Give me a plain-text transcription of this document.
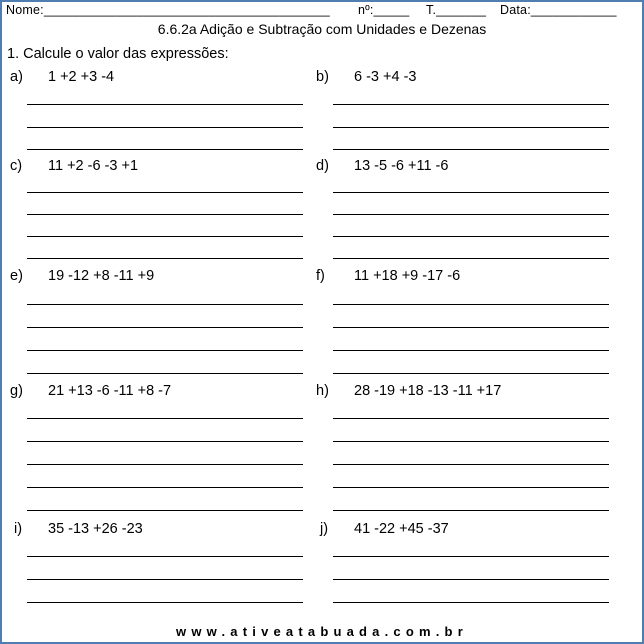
Nome:________________________________________ nº:_____ T._______ Data:____________
6.6.2a Adição e Subtração com Unidades e Dezenas
1. Calcule o valor das expressões:
a) 1 +2 +3 -4	b) 6 -3 +4 -3
c) 11 +2 -6 -3 +1	d) 13 -5 -6 +11 -6
e) 19 -12 +8 -11 +9	f) 11 +18 +9 -17 -6
g) 21 +13 -6 -11 +8 -7	h) 28 -19 +18 -13 -11 +17
i) 35 -13 +26 -23	j) 41 -22 +45 -37
www.ativeatabuada.com.br
